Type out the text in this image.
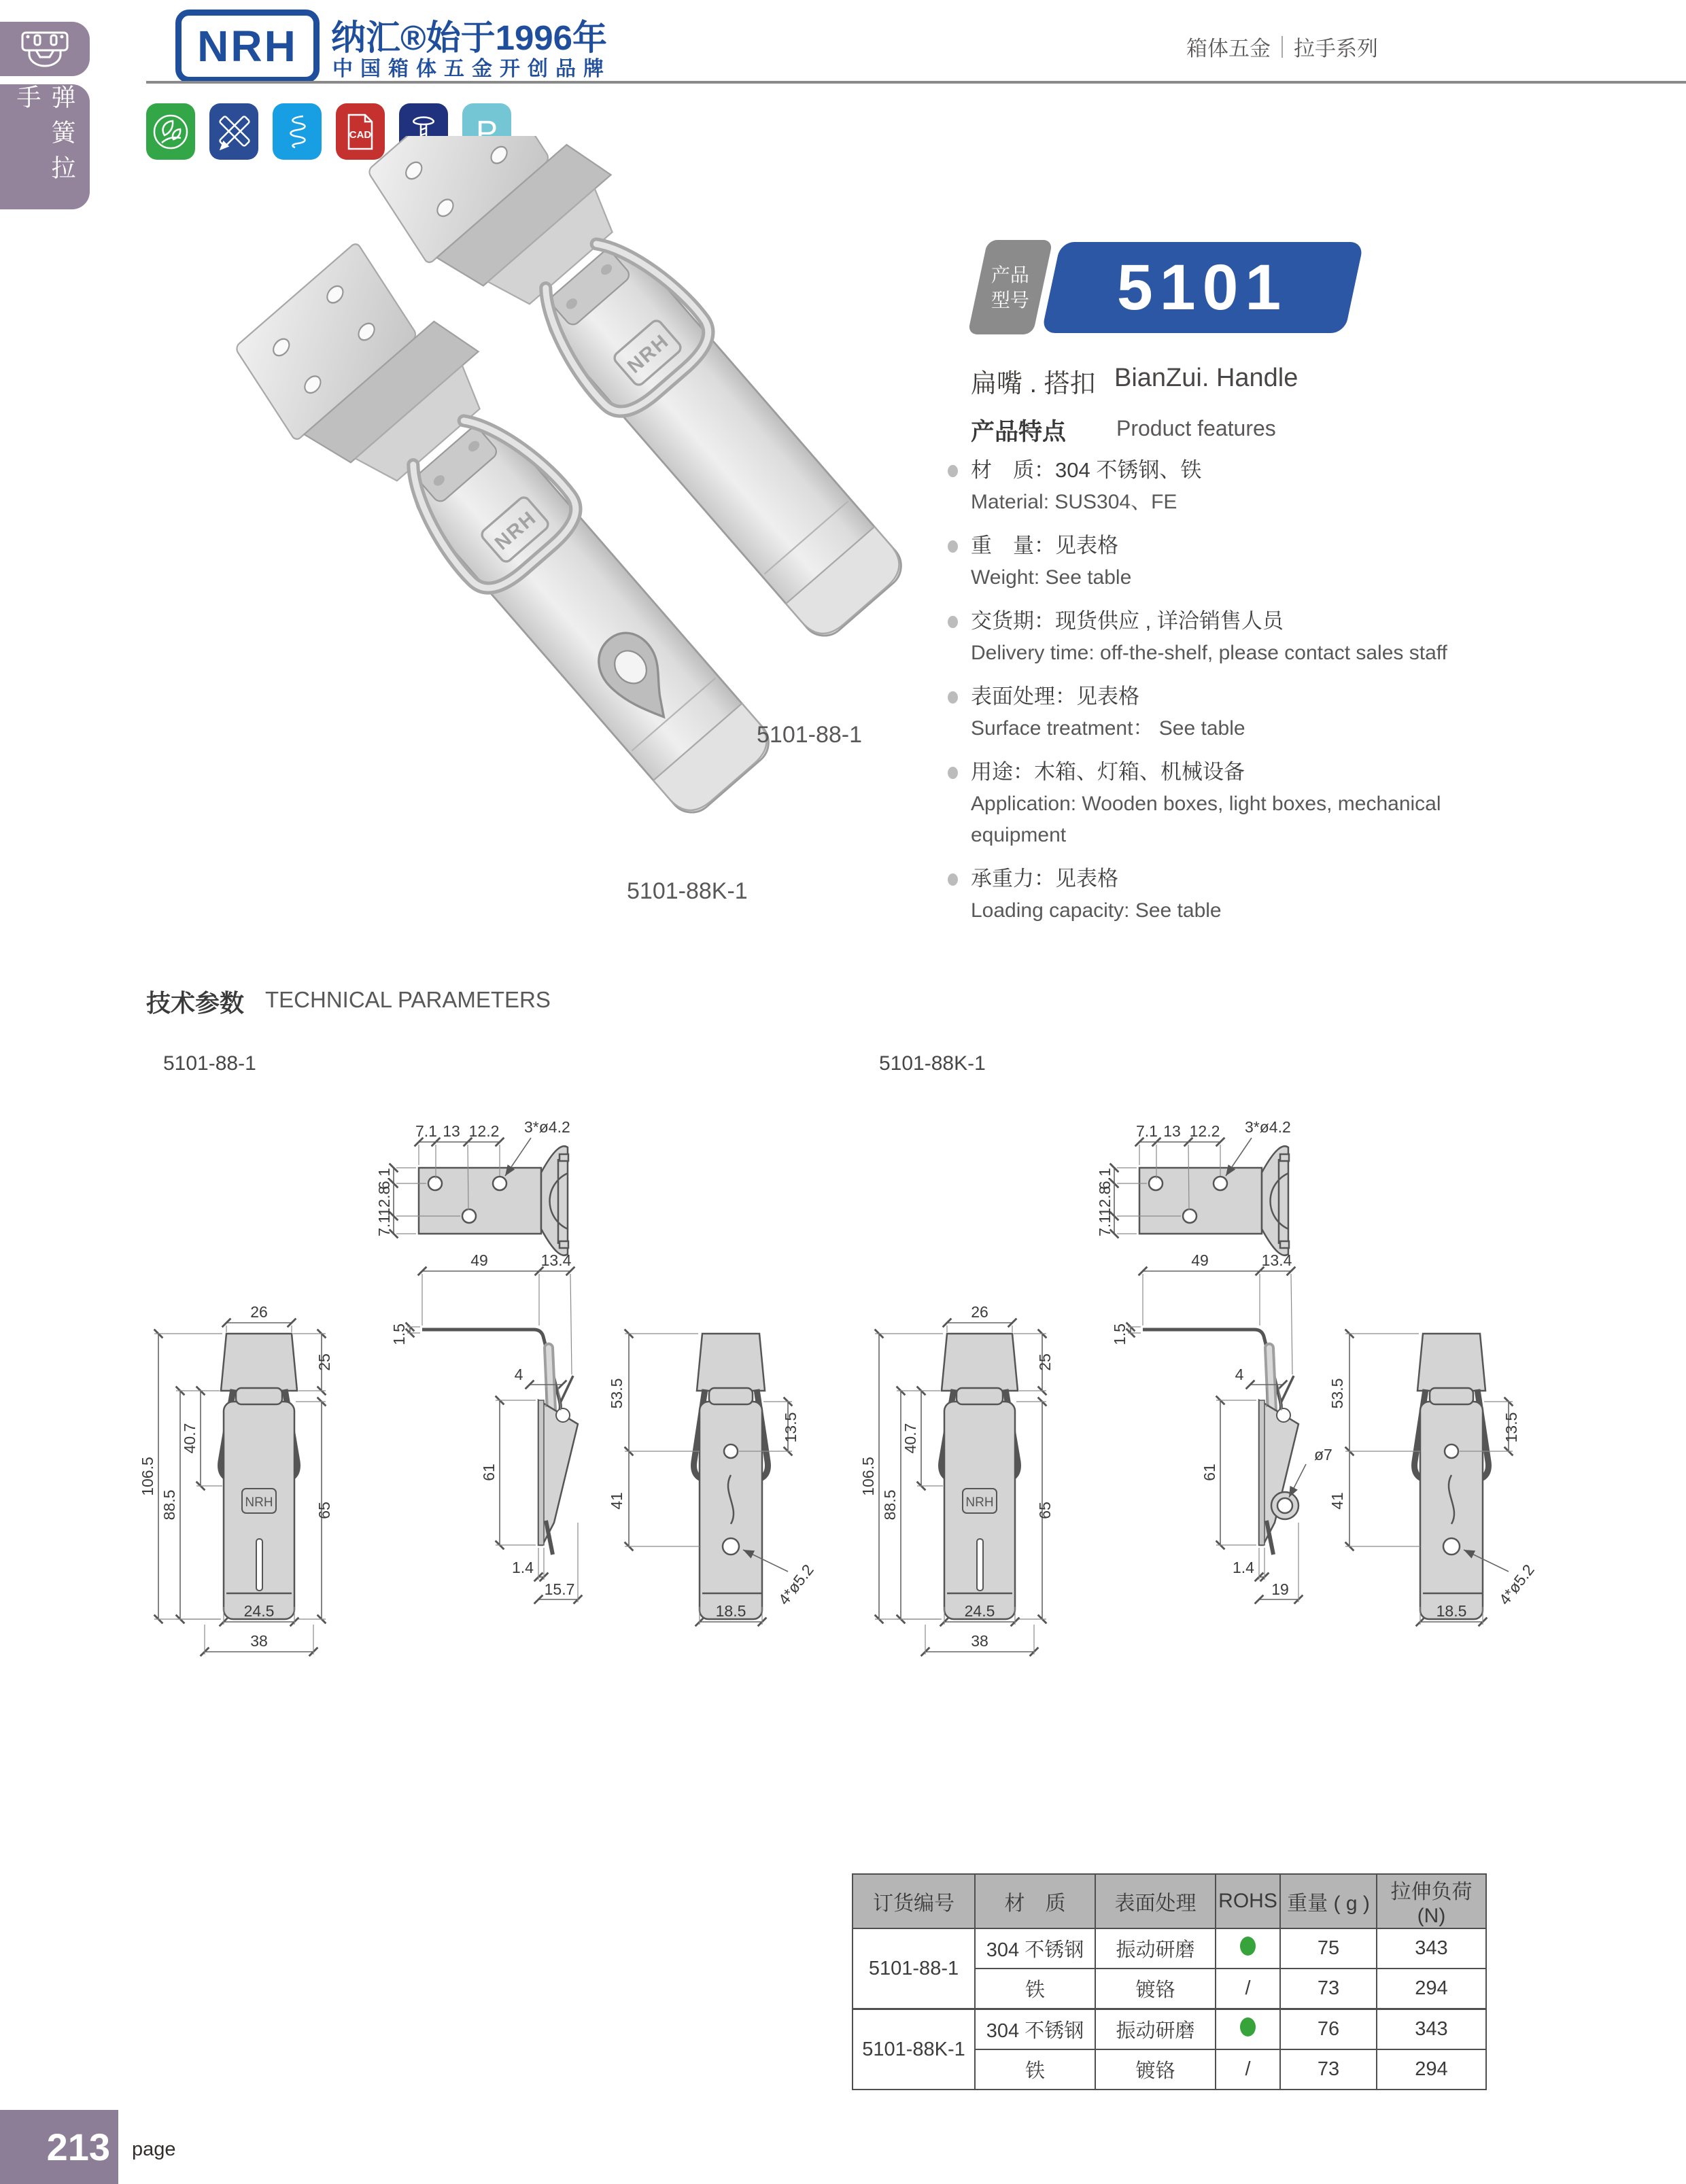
弹簧拉手
NRH 纳汇®始于1996年
中国箱体五金开创品牌
箱体五金 拉手系列
CAD	P
5101-88-1
5101-88K-1
产品
型号 5101
扁嘴 . 搭扣 BianZui. Handle
产品特点 Product features
材　质：304 不锈钢、铁
Material: SUS304、FE
重　量：见表格
Weight: See table
交货期：现货供应 , 详洽销售人员
Delivery time: off-the-shelf, please contact sales staff
表面处理：见表格
Surface treatment： See table
用途：木箱、灯箱、机械设备
Application: Wooden boxes, light boxes, mechanical equipment
承重力：见表格
Loading capacity: See table
技术参数 TECHNICAL PARAMETERS
5101-88-1	5101-88K-1
7.1 13 12.2 3*ø4.2
6.1
12.8
7.1
26
25
40.7
88.5
106.5
65
24.5
38
49	13.4
1.5
4
61
1.4
15.7
53.5
13.5
41
18.5
4*ø5.2
7.1 13 12.2 3*ø4.2
6.1
12.8
7.1
26
25
40.7
88.5
106.5
65
24.5
38
49	13.4
1.5
4
61
ø7
1.4
19
53.5
13.5
41
18.5
4*ø5.2
订货编号	材　质	表面处理	ROHS	重量 ( g )	拉伸负荷 (N)
5101-88-1	304 不锈钢	振动研磨		75	343
	铁	镀铬	/	73	294
5101-88K-1	304 不锈钢	振动研磨		76	343
	铁	镀铬	/	73	294
213	page
